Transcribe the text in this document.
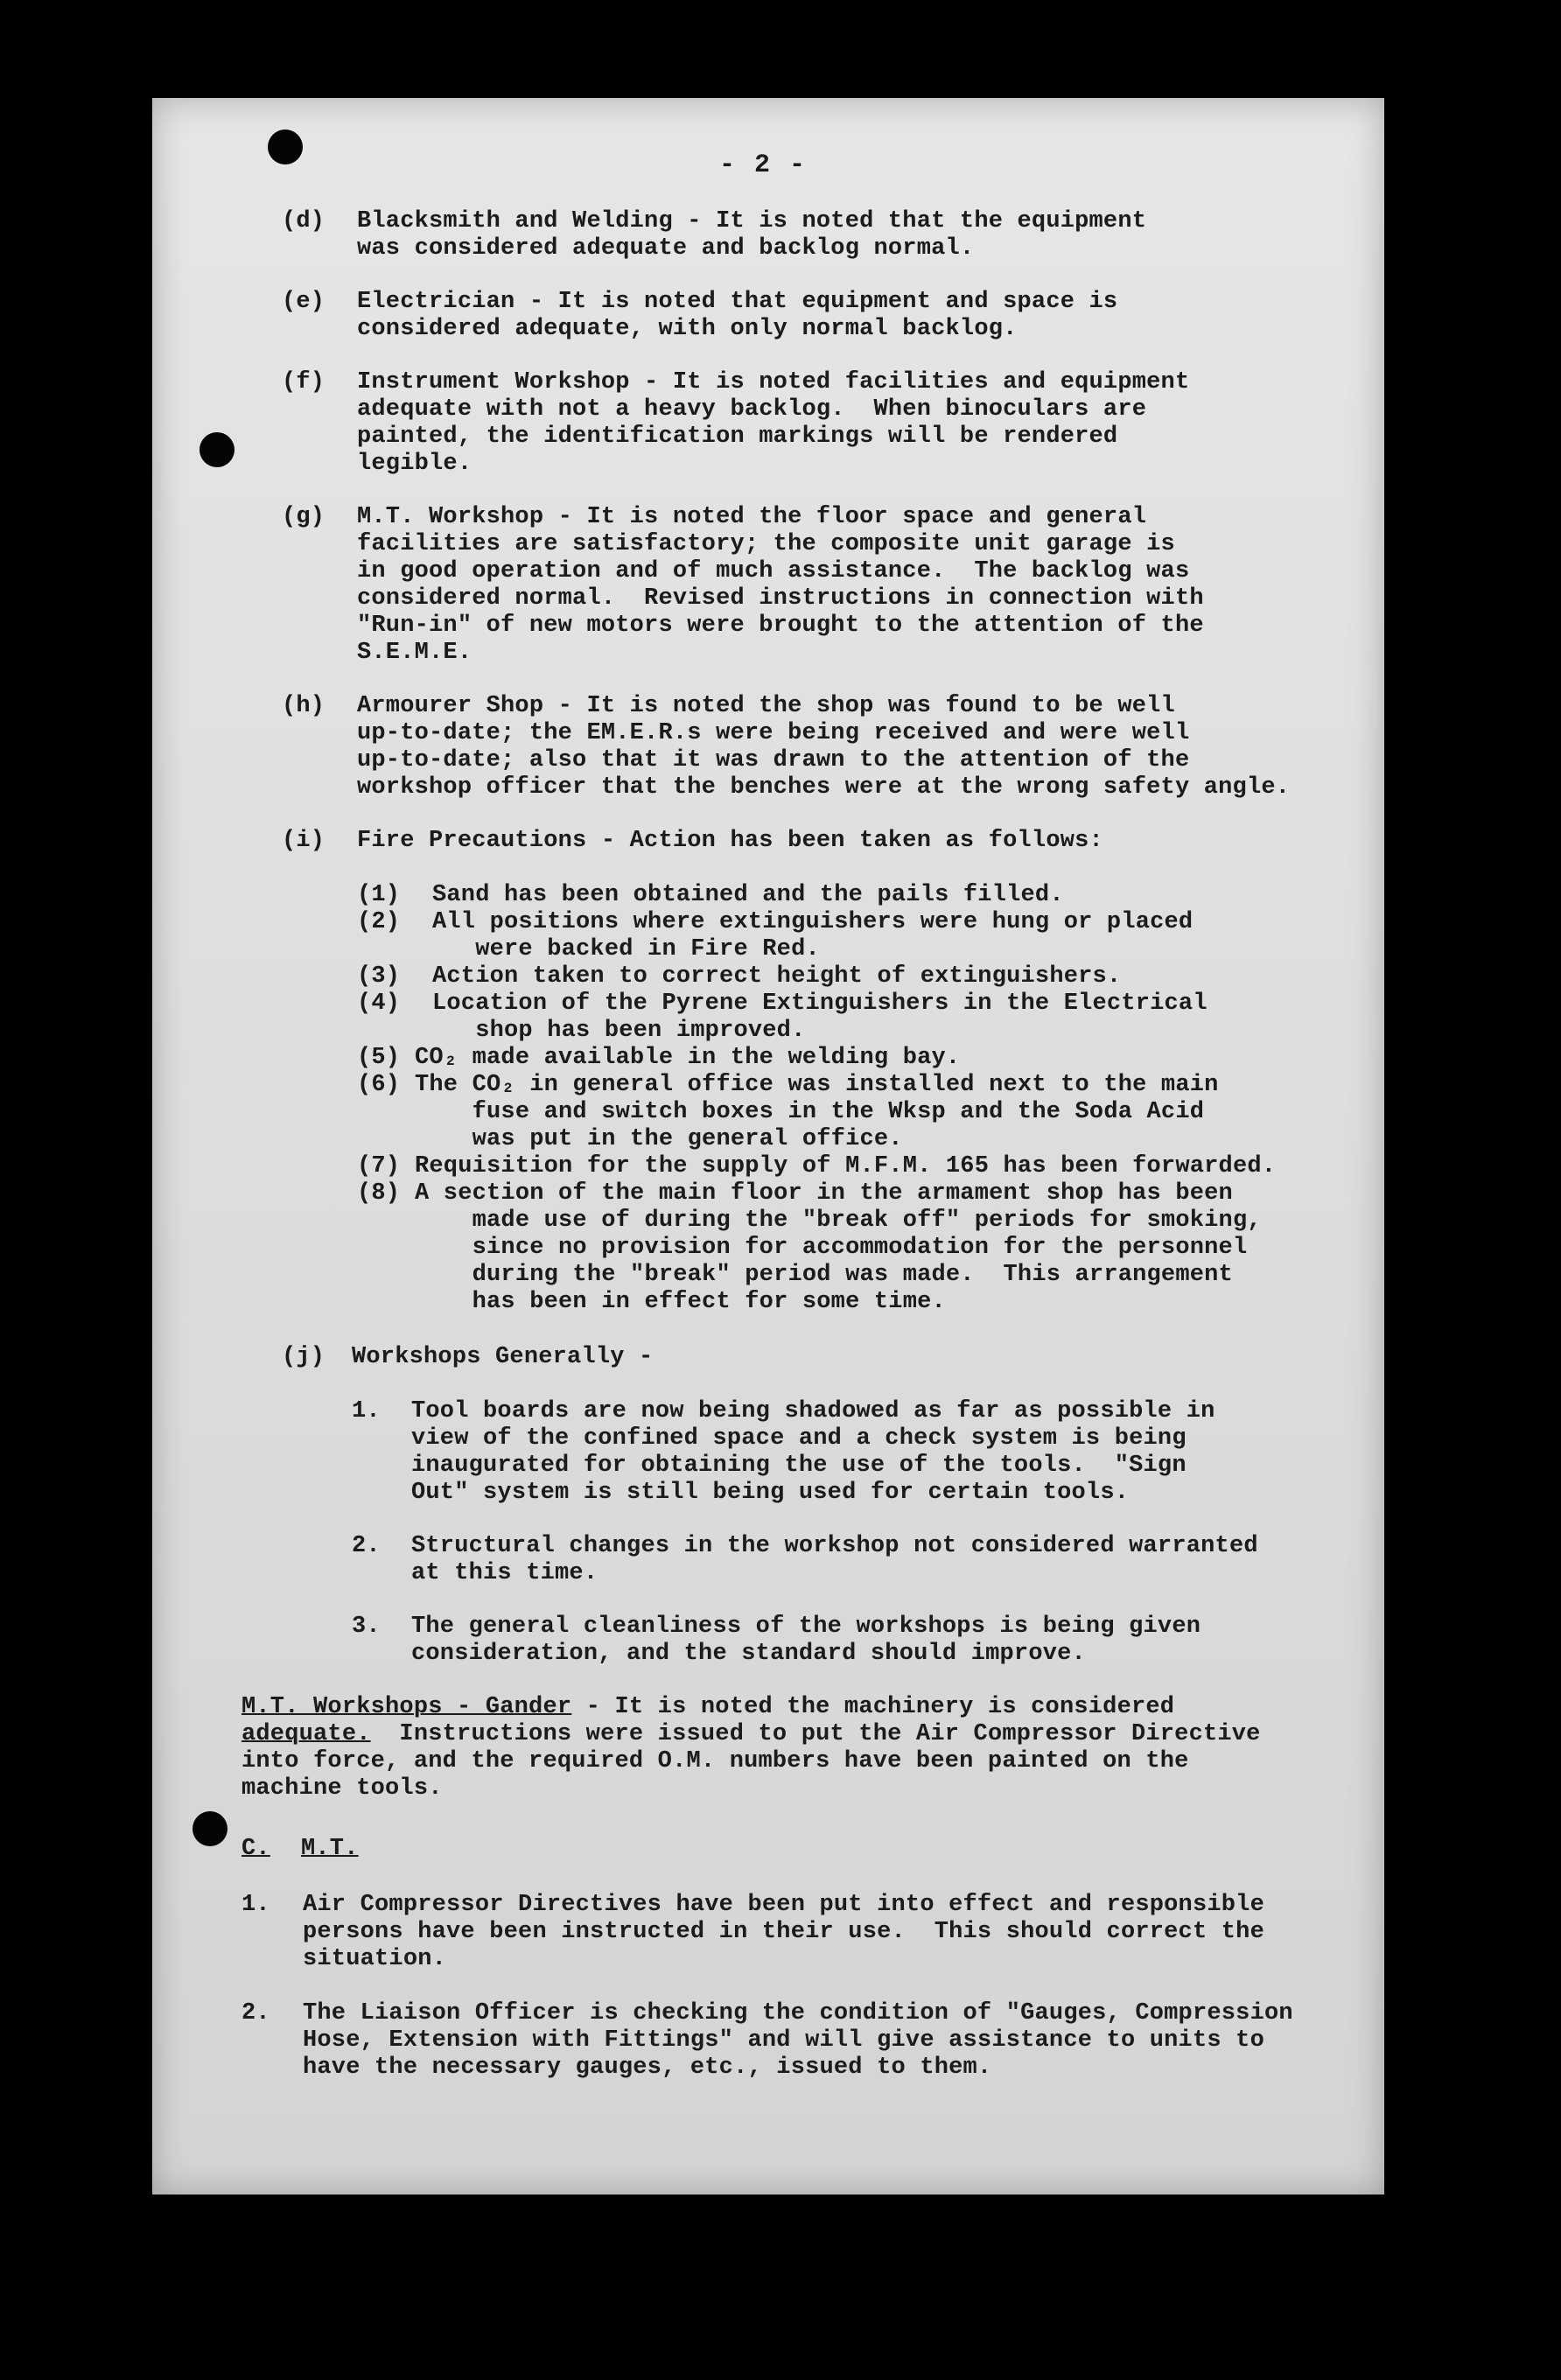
- 2 -
(d) Blacksmith and Welding - It is noted that the equipment
was considered adequate and backlog normal.
(e) Electrician - It is noted that equipment and space is
considered adequate, with only normal backlog.
(f) Instrument Workshop - It is noted facilities and equipment
adequate with not a heavy backlog.  When binoculars are
painted, the identification markings will be rendered
legible.
(g) M.T. Workshop - It is noted the floor space and general
facilities are satisfactory; the composite unit garage is
in good operation and of much assistance.  The backlog was
considered normal.  Revised instructions in connection with
"Run-in" of new motors were brought to the attention of the
S.E.M.E.
(h) Armourer Shop - It is noted the shop was found to be well
up-to-date; the EM.E.R.s were being received and were well
up-to-date; also that it was drawn to the attention of the
workshop officer that the benches were at the wrong safety angle.
(i) Fire Precautions - Action has been taken as follows:
(1) Sand has been obtained and the pails filled.
(2) All positions where extinguishers were hung or placed
were backed in Fire Red.
(3) Action taken to correct height of extinguishers.
(4) Location of the Pyrene Extinguishers in the Electrical
shop has been improved.
(5) CO₂ made available in the welding bay.
(6) The CO₂ in general office was installed next to the main
fuse and switch boxes in the Wksp and the Soda Acid
was put in the general office.
(7) Requisition for the supply of M.F.M. 165 has been forwarded.
(8) A section of the main floor in the armament shop has been
made use of during the "break off" periods for smoking,
since no provision for accommodation for the personnel
during the "break" period was made.  This arrangement
has been in effect for some time.
(j) Workshops Generally -
1. Tool boards are now being shadowed as far as possible in
view of the confined space and a check system is being
inaugurated for obtaining the use of the tools.  "Sign
Out" system is still being used for certain tools.
2. Structural changes in the workshop not considered warranted
at this time.
3. The general cleanliness of the workshops is being given
consideration, and the standard should improve.
M.T. Workshops - Gander - It is noted the machinery is considered
adequate.  Instructions were issued to put the Air Compressor Directive
into force, and the required O.M. numbers have been painted on the
machine tools.
C. M.T.
1. Air Compressor Directives have been put into effect and responsible
persons have been instructed in their use.  This should correct the
situation.
2. The Liaison Officer is checking the condition of "Gauges, Compression
Hose, Extension with Fittings" and will give assistance to units to
have the necessary gauges, etc., issued to them.
